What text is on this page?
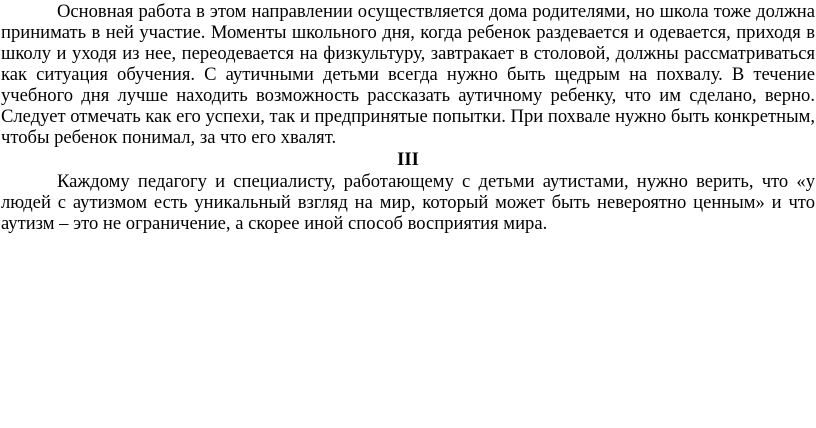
Основная работа в этом направлении осуществляется дома родителями, но школа тоже должна принимать в ней участие. Моменты школьного дня, когда ребенок раздевается и одевается, приходя в школу и уходя из нее, переодевается на физкультуру, завтракает в столовой, должны рассматриваться как ситуация обучения. С аутичными детьми всегда нужно быть щедрым на похвалу. В течение учебного дня лучше находить возможность рассказать аутичному ребенку, что им сделано, верно. Следует отмечать как его успехи, так и предпринятые попытки. При похвале нужно быть конкретным, чтобы ребенок понимал, за что его хвалят.

III

Каждому педагогу и специалисту, работающему с детьми аутистами, нужно верить, что «у людей с аутизмом есть уникальный взгляд на мир, который может быть невероятно ценным» и что аутизм – это не ограничение, а скорее иной способ восприятия мира.
